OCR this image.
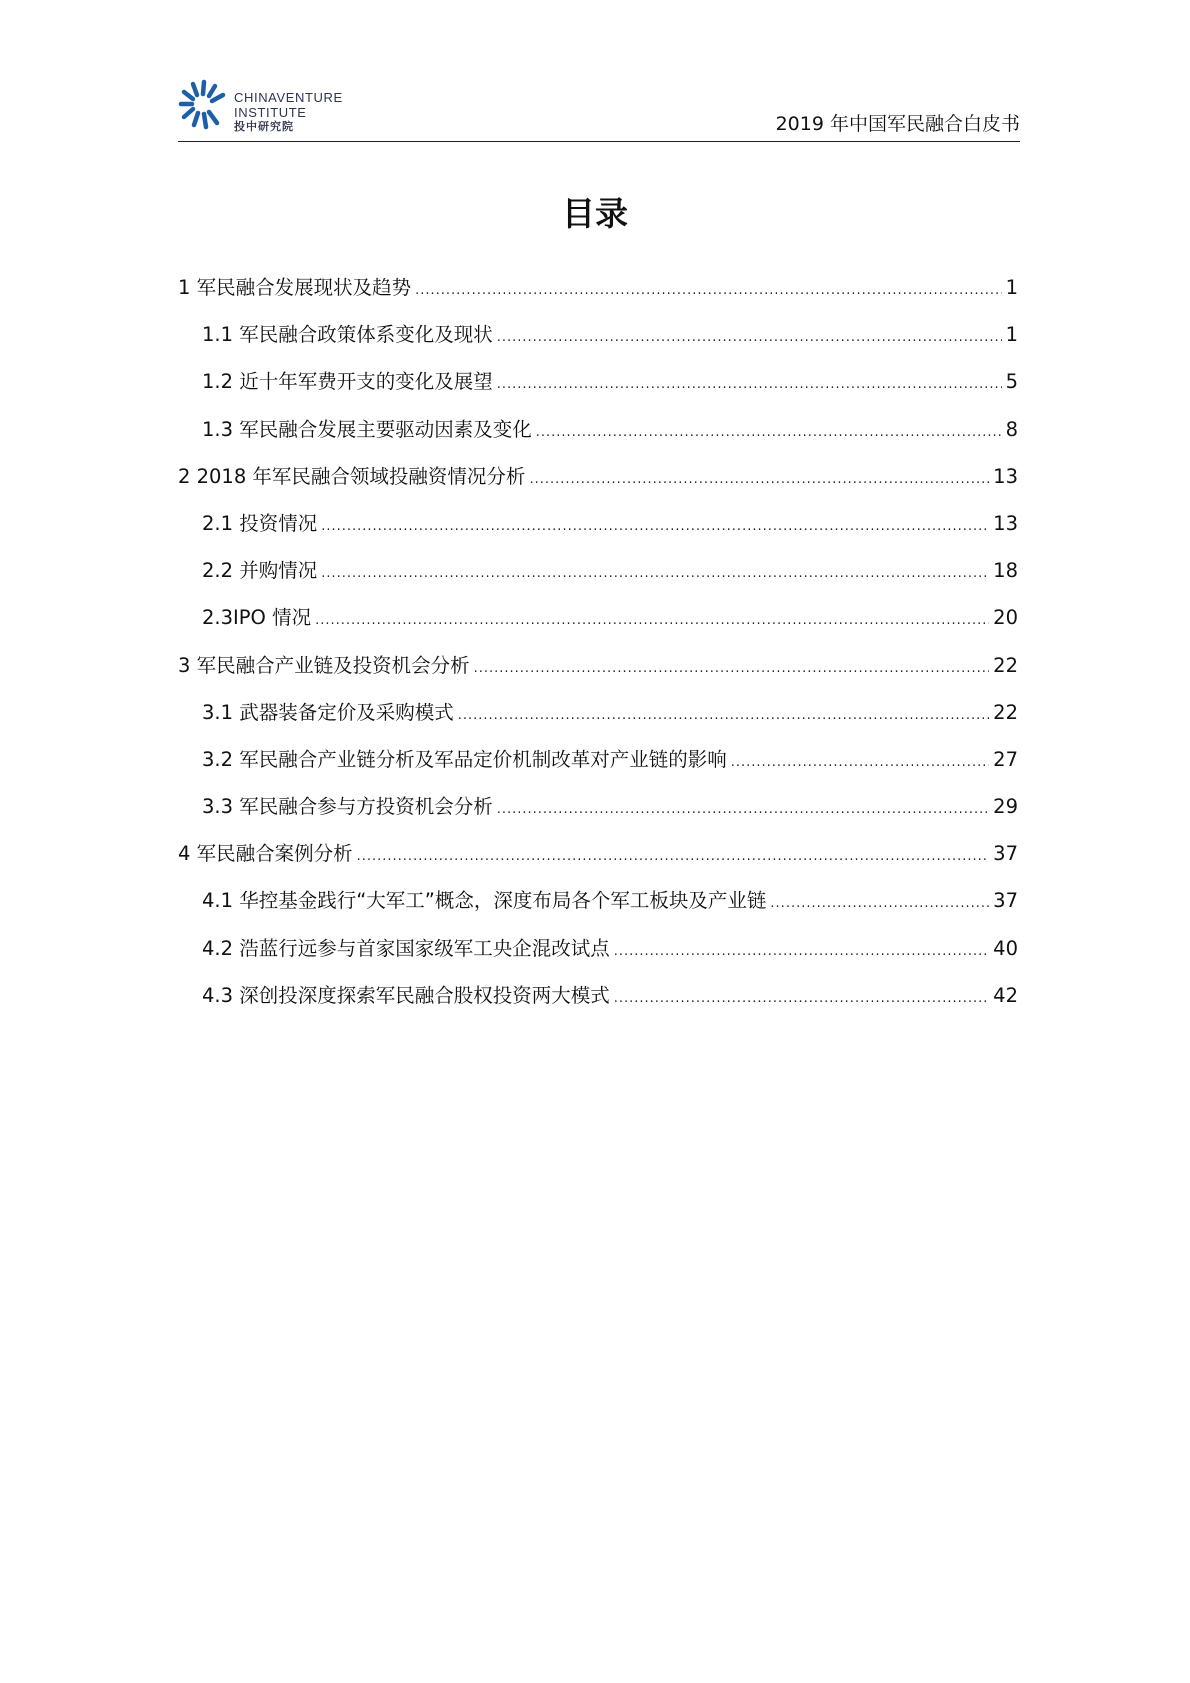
CHINAVENTURE
INSTITUTE
投中研究院	2019 年中国军民融合白皮书
目录
1 军民融合发展现状及趋势 .....	1
1.1 军民融合政策体系变化及现状 .....	1
1.2 近十年军费开支的变化及展望 .....	5
1.3 军民融合发展主要驱动因素及变化 .....	8
2 2018 年军民融合领域投融资情况分析 .....	13
2.1 投资情况 .....	13
2.2 并购情况 .....	18
2.3IPO 情况 .....	20
3 军民融合产业链及投资机会分析 .....	22
3.1 武器装备定价及采购模式 .....	22
3.2 军民融合产业链分析及军品定价机制改革对产业链的影响 .....	27
3.3 军民融合参与方投资机会分析 .....	29
4 军民融合案例分析 .....	37
4.1 华控基金践行“大军工”概念，深度布局各个军工板块及产业链 .....	37
4.2 浩蓝行远参与首家国家级军工央企混改试点 .....	40
4.3 深创投深度探索军民融合股权投资两大模式 .....	42
